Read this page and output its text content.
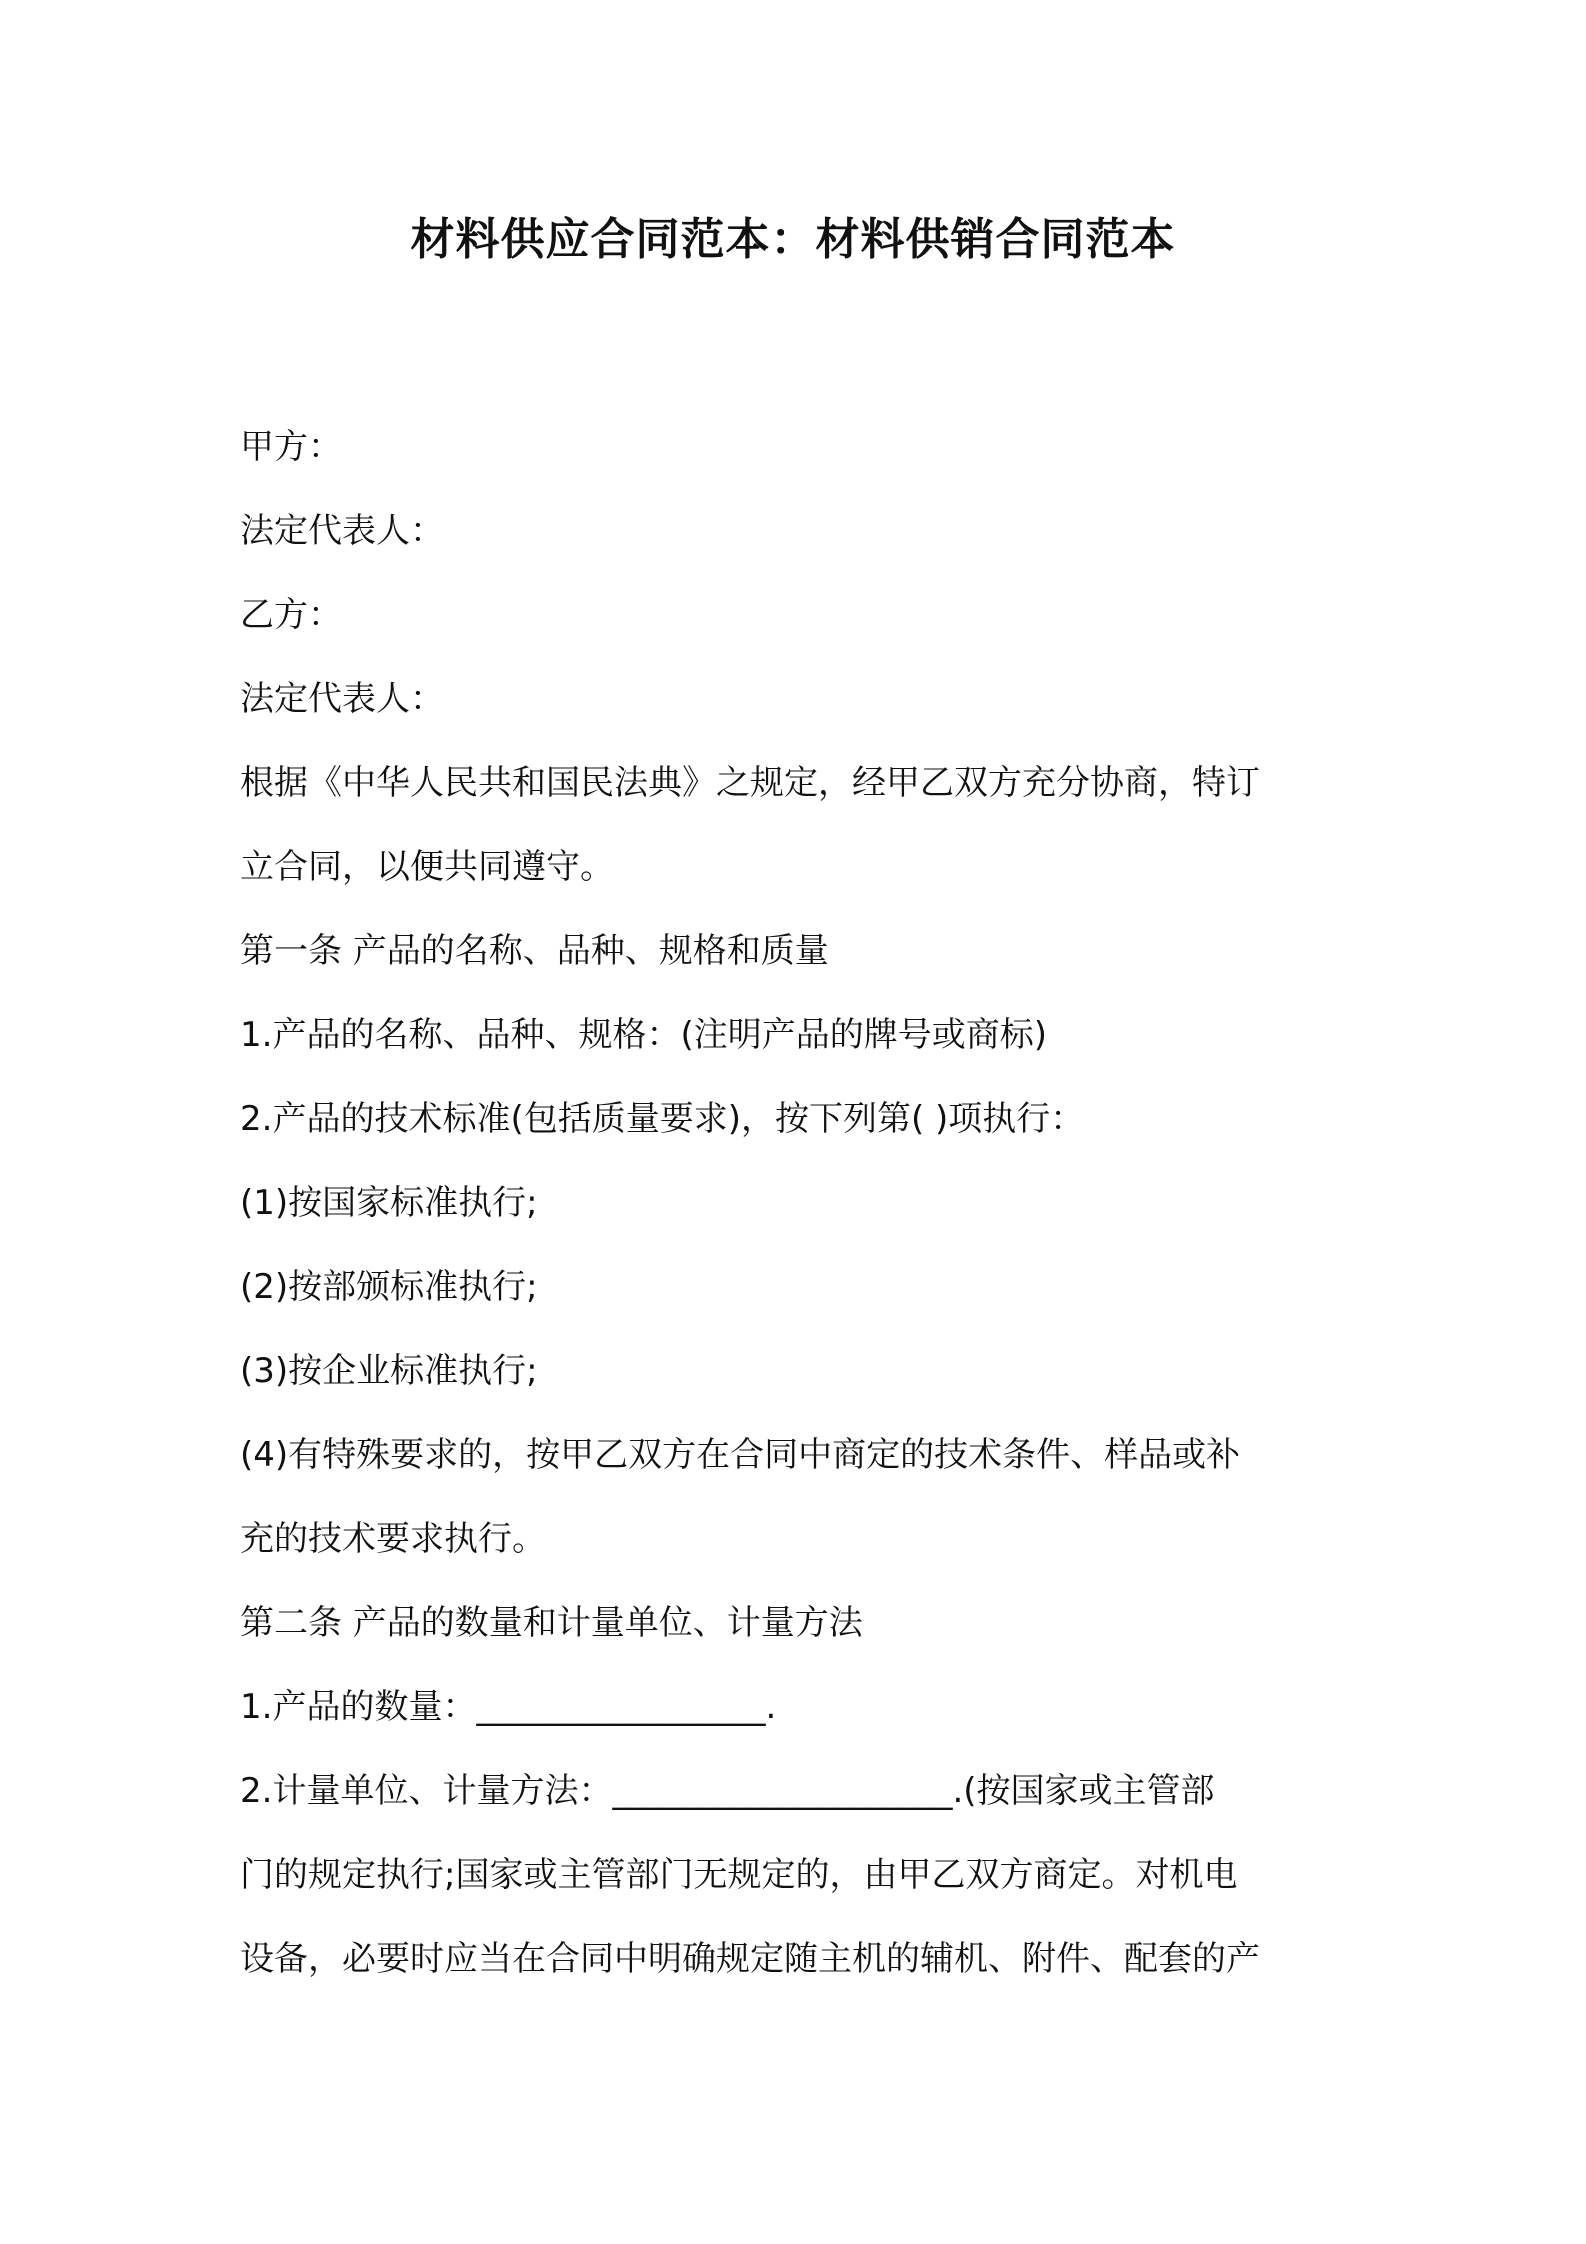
材料供应合同范本：材料供销合同范本

甲方：

法定代表人：

乙方：

法定代表人：

根据《中华人民共和国民法典》之规定，经甲乙双方充分协商，特订

立合同，以便共同遵守。

第一条 产品的名称、品种、规格和质量

1.产品的名称、品种、规格：(注明产品的牌号或商标)

2.产品的技术标准(包括质量要求)，按下列第( )项执行：

(1)按国家标准执行;

(2)按部颁标准执行;

(3)按企业标准执行;

(4)有特殊要求的，按甲乙双方在合同中商定的技术条件、样品或补

充的技术要求执行。

第二条 产品的数量和计量单位、计量方法

1.产品的数量：_________________.

2.计量单位、计量方法：____________________.(按国家或主管部

门的规定执行;国家或主管部门无规定的，由甲乙双方商定。对机电

设备，必要时应当在合同中明确规定随主机的辅机、附件、配套的产
